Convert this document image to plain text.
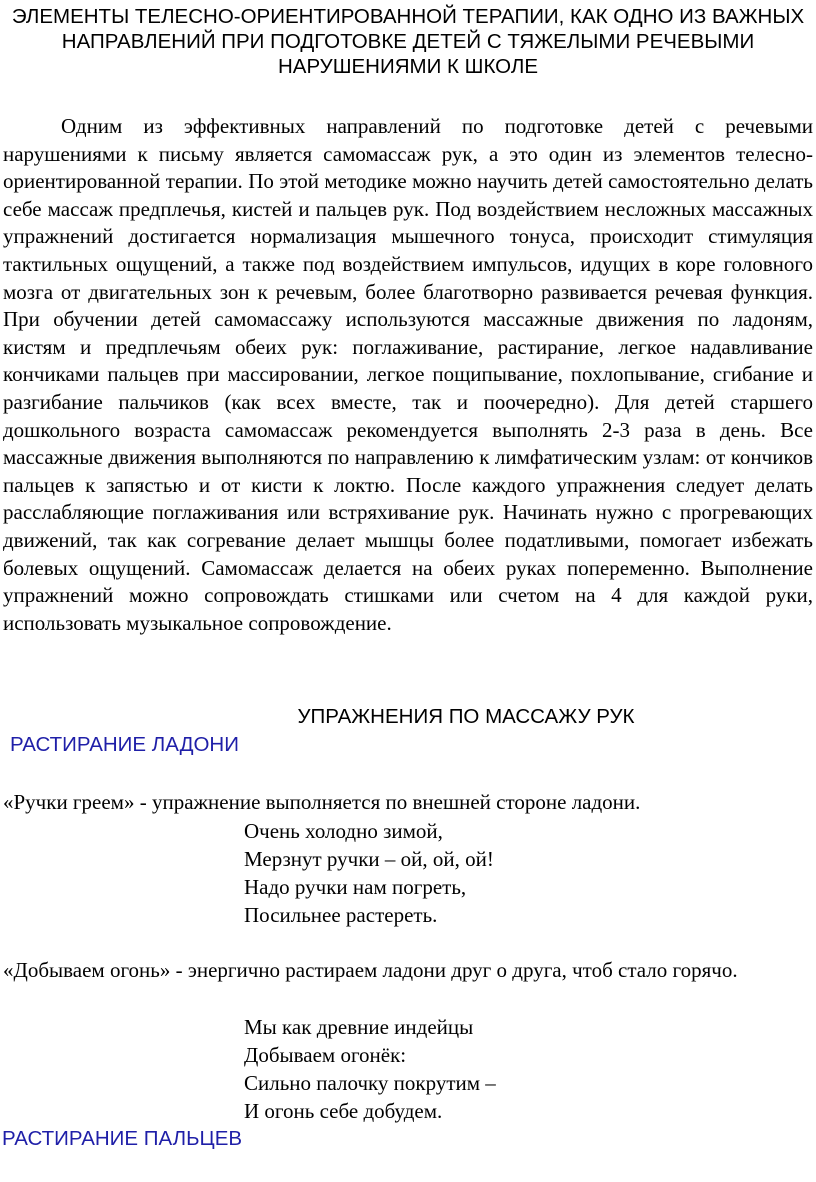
ЭЛЕМЕНТЫ ТЕЛЕСНО-ОРИЕНТИРОВАННОЙ ТЕРАПИИ, КАК ОДНО ИЗ ВАЖНЫХ НАПРАВЛЕНИЙ ПРИ ПОДГОТОВКЕ ДЕТЕЙ С ТЯЖЕЛЫМИ РЕЧЕВЫМИ НАРУШЕНИЯМИ К ШКОЛЕ

Одним из эффективных направлений по подготовке детей с речевыми нарушениями к письму является самомассаж рук, а это один из элементов телесно-ориентированной терапии. По этой методике можно научить детей самостоятельно делать себе массаж предплечья, кистей и пальцев рук. Под воздействием несложных массажных упражнений достигается нормализация мышечного тонуса, происходит стимуляция тактильных ощущений, а также под воздействием импульсов, идущих в коре головного мозга от двигательных зон к речевым, более благотворно развивается речевая функция. При обучении детей самомассажу используются массажные движения по ладоням, кистям и предплечьям обеих рук: поглаживание, растирание, легкое надавливание кончиками пальцев при массировании, легкое пощипывание, похлопывание, сгибание и разгибание пальчиков (как всех вместе, так и поочередно). Для детей старшего дошкольного возраста самомассаж рекомендуется выполнять 2-3 раза в день. Все массажные движения выполняются по направлению к лимфатическим узлам: от кончиков пальцев к запястью и от кисти к локтю. После каждого упражнения следует делать расслабляющие поглаживания или встряхивание рук. Начинать нужно с прогревающих движений, так как согревание делает мышцы более податливыми, помогает избежать болевых ощущений. Самомассаж делается на обеих руках попеременно. Выполнение упражнений можно сопровождать стишками или счетом на 4 для каждой руки, использовать музыкальное сопровождение.

УПРАЖНЕНИЯ ПО МАССАЖУ РУК
РАСТИРАНИЕ ЛАДОНИ

«Ручки греем» - упражнение выполняется по внешней стороне ладони.

Очень холодно зимой,
Мерзнут ручки – ой, ой, ой!
Надо ручки нам погреть,
Посильнее растереть.

«Добываем огонь» - энергично растираем ладони друг о друга, чтоб стало горячо.

Мы как древние индейцы
Добываем огонёк:
Сильно палочку покрутим –
И огонь себе добудем.
РАСТИРАНИЕ ПАЛЬЦЕВ
